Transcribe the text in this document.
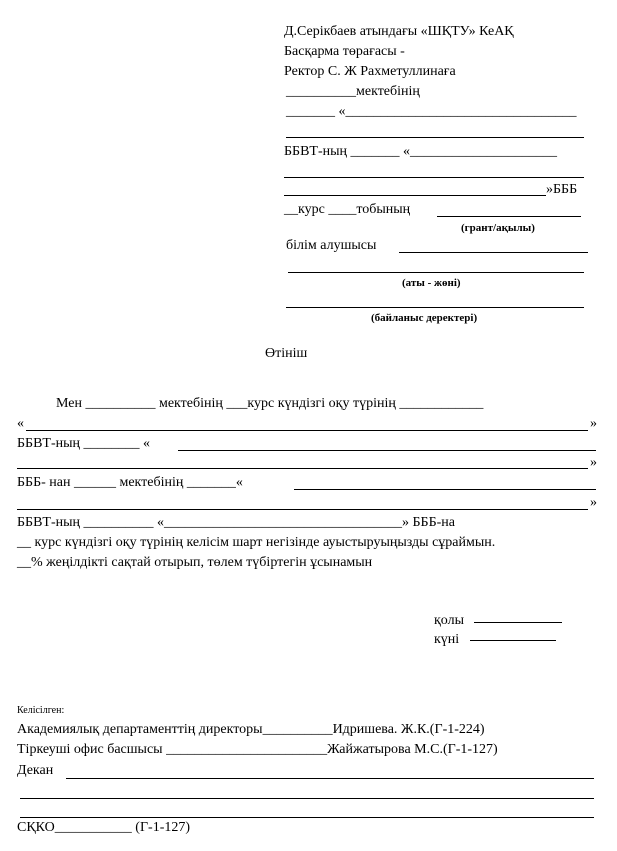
Д.Серікбаев атындағы «ШҚТУ» КеАҚ
Басқарма төрағасы -
Ректор С. Ж Рахметуллинаға
__________мектебінің
_______ «_________________________________
ББBТ-ның _______ «_____________________
»БББ
__курс ____тобының
(грант/ақылы)
білім алушысы
(аты - жөні)
(байланыс деректері)
Өтініш
Мен __________ мектебінің ___курс күндізгі оқу түрінің ____________
«	»
ББBТ-ның ________ «
»
БББ- нан ______ мектебінің _______«
»
ББBТ-ның __________ «__________________________________» БББ-на
__ курс күндізгі оқу түрінің келісім шарт негізінде ауыстыруыңызды сұраймын.
__% жеңілдікті сақтай отырып, төлем түбіртегін ұсынамын
қолы
күні
Келісілген:
Академиялық департаменттің директоры__________Идришева. Ж.К.(Г-1-224)
Тіркеуші офис басшысы _______________________Жайжатырова М.С.(Г-1-127)
Декан
СҚКО___________ (Г-1-127)
